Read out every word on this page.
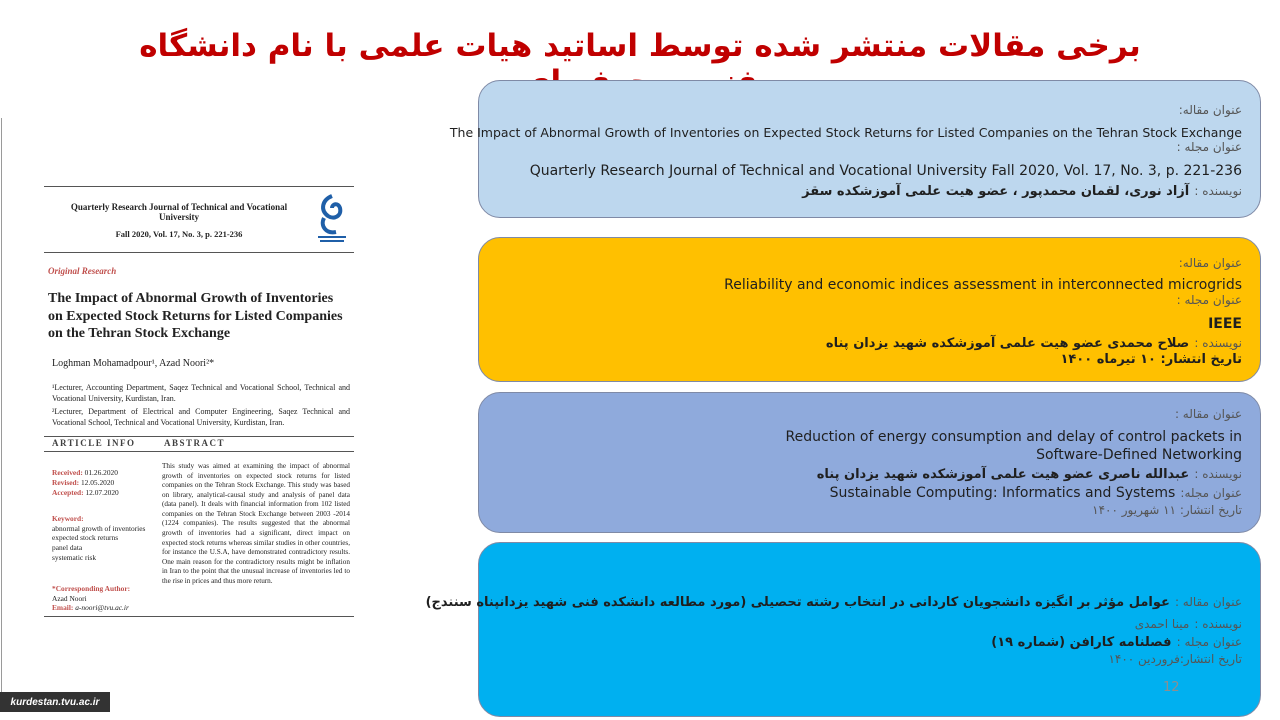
برخی مقالات منتشر شده توسط اساتید هیات علمی با نام دانشگاه
Quarterly Research Journal of Technical and Vocational University
Fall 2020, Vol. 17, No. 3, p. 221-236
Original Research
The Impact of Abnormal Growth of Inventories on Expected Stock Returns for Listed Companies on the Tehran Stock Exchange
Loghman Mohamadpour¹, Azad Noori²*
¹Lecturer, Accounting Department, Saqez Technical and Vocational School, Technical and Vocational University, Kurdistan, Iran.
²Lecturer, Department of Electrical and Computer Engineering, Saqez Technical and Vocational School, Technical and Vocational University, Kurdistan, Iran.
ARTICLE INFO	ABSTRACT
Received: 01.26.2020
Revised: 12.05.2020
Accepted: 12.07.2020
Keyword:
abnormal growth of inventories
expected stock returns
panel data
systematic risk
*Corresponding Author:
Azad Noori
Email: a-noori@tvu.ac.ir
This study was aimed at examining the impact of abnormal growth of inventories on expected stock returns for listed companies on the Tehran Stock Exchange. This study was based on library, analytical-causal study and analysis of panel data (data panel). It deals with financial information from 102 listed companies on the Tehran Stock Exchange between 2003 -2014 (1224 companies). The results suggested that the abnormal growth of inventories had a significant, direct impact on expected stock returns whereas similar studies in other countries, for instance the U.S.A, have demonstrated contradictory results. One main reason for the contradictory results might be inflation in Iran to the point that the unusual increase of inventories led to the rise in prices and thus more return.
عنوان مقاله:
The Impact of Abnormal Growth of Inventories on Expected Stock Returns for Listed Companies on the Tehran Stock Exchange
عنوان مجله :
Quarterly Research Journal of Technical and Vocational University Fall 2020, Vol. 17, No. 3, p. 221-236
نویسنده : آزاد نوری، لقمان محمدپور ، عضو هیت علمی آموزشکده سقز
عنوان مقاله:
Reliability and economic indices assessment in interconnected microgrids
عنوان مجله :
IEEE
نویسنده : صلاح محمدی عضو هیت علمی آموزشکده شهید یزدان پناه
تاریخ انتشار: ۱۰ تیرماه ۱۴۰۰
عنوان مقاله :
Reduction of energy consumption and delay of control packets in
Software-Defined Networking
نویسنده : عبدالله ناصری عضو هیت علمی آموزشکده شهید یزدان پناه
عنوان مجله: Sustainable Computing: Informatics and Systems
تاریخ انتشار: ۱۱ شهریور ۱۴۰۰
عنوان مقاله : عوامل مؤثر بر انگیزه دانشجویان کاردانی در انتخاب رشته تحصیلی (مورد مطالعه دانشکده فنی شهید یزدانپناه سنندج)
نویسنده : مینا احمدی
عنوان مجله : فصلنامه کارافن (شماره ۱۹)
تاریخ انتشار:فروردین ۱۴۰۰
12
kurdestan.tvu.ac.ir
